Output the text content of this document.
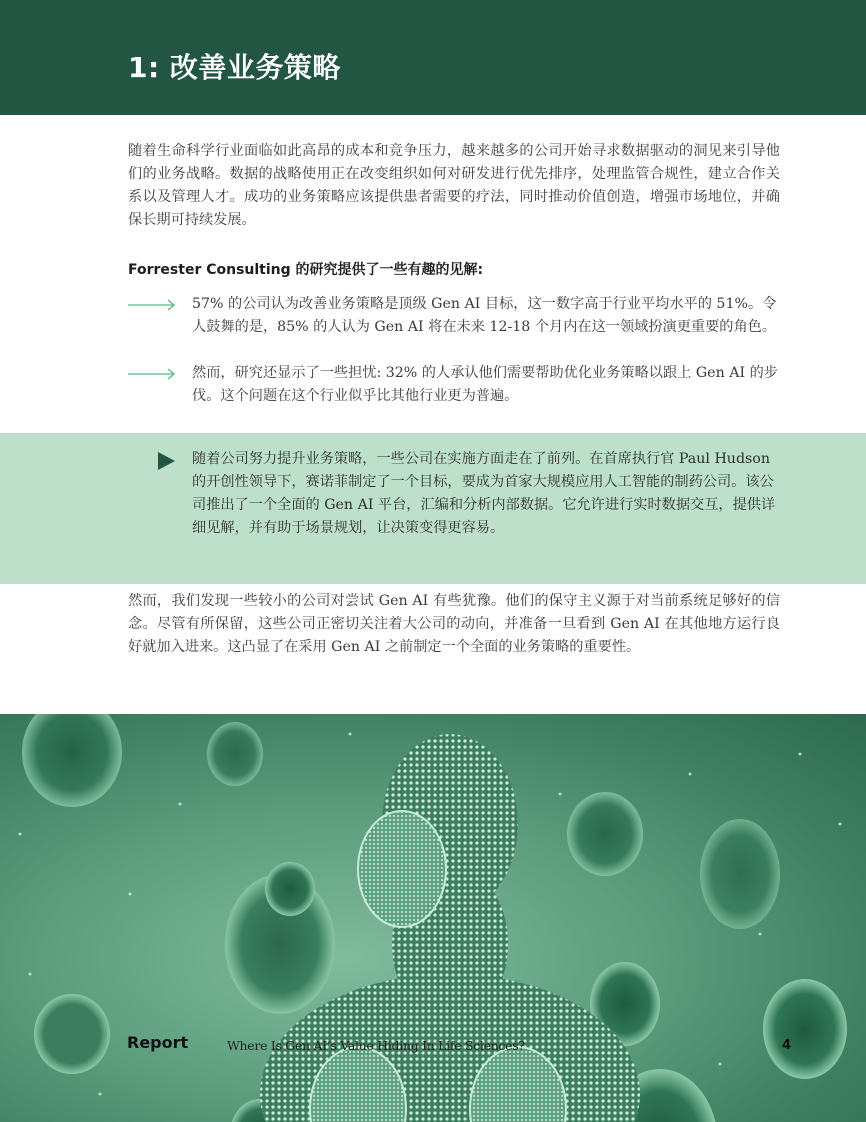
1: 改善业务策略

随着生命科学行业面临如此高昂的成本和竞争压力，越来越多的公司开始寻求数据驱动的洞见来引导他们的业务战略。数据的战略使用正在改变组织如何对研发进行优先排序，处理监管合规性，建立合作关系以及管理人才。成功的业务策略应该提供患者需要的疗法，同时推动价值创造，增强市场地位，并确保长期可持续发展。

Forrester Consulting 的研究提供了一些有趣的见解:

57% 的公司认为改善业务策略是顶级 Gen AI 目标，这一数字高于行业平均水平的 51%。令人鼓舞的是，85% 的人认为 Gen AI 将在未来 12-18 个月内在这一领域扮演更重要的角色。

然而，研究还显示了一些担忧: 32% 的人承认他们需要帮助优化业务策略以跟上 Gen AI 的步伐。这个问题在这个行业似乎比其他行业更为普遍。

随着公司努力提升业务策略，一些公司在实施方面走在了前列。在首席执行官 Paul Hudson 的开创性领导下，赛诺菲制定了一个目标，要成为首家大规模应用人工智能的制药公司。该公司推出了一个全面的 Gen AI 平台，汇编和分析内部数据。它允许进行实时数据交互，提供详细见解，并有助于场景规划，让决策变得更容易。

然而，我们发现一些较小的公司对尝试 Gen AI 有些犹豫。他们的保守主义源于对当前系统足够好的信念。尽管有所保留，这些公司正密切关注着大公司的动向，并准备一旦看到 Gen AI 在其他地方运行良好就加入进来。这凸显了在采用 Gen AI 之前制定一个全面的业务策略的重要性。

Report	Where Is Gen AI’s Value Hiding In Life Sciences?	4
